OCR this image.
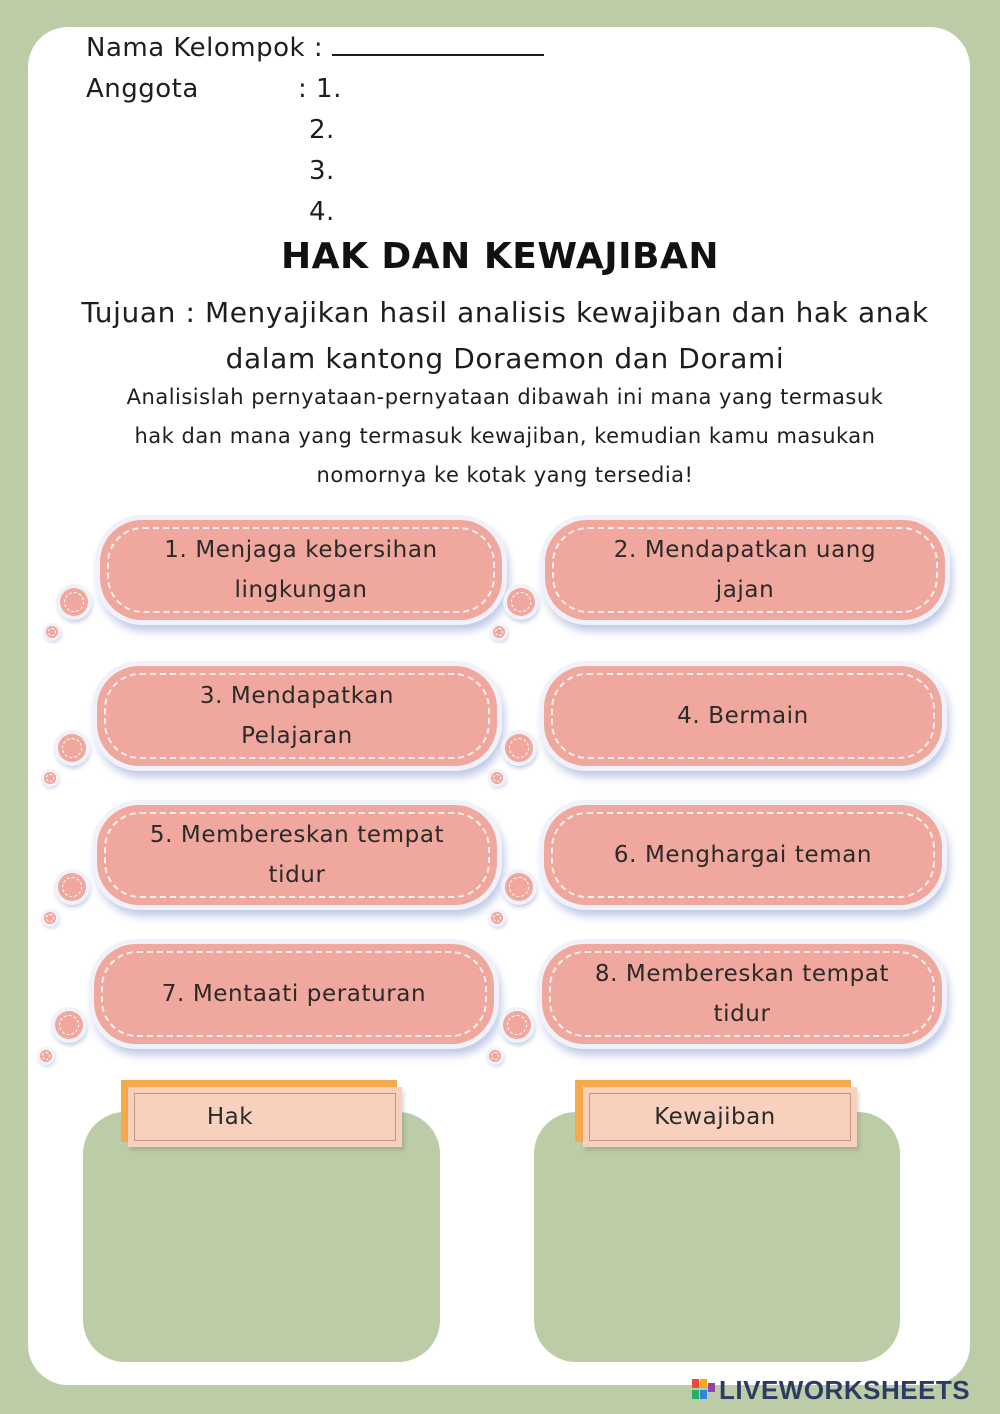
Nama Kelompok :
Anggota	: 1.
2.
3.
4.
HAK DAN KEWAJIBAN
Tujuan : Menyajikan hasil analisis kewajiban dan hak anak
dalam kantong Doraemon dan Dorami
Analisislah pernyataan-pernyataan dibawah ini mana yang termasuk
hak dan mana yang termasuk kewajiban, kemudian kamu masukan
nomornya ke kotak yang tersedia!
1. Menjaga kebersihan
lingkungan
2. Mendapatkan uang
jajan
3. Mendapatkan
Pelajaran
4. Bermain
5. Membereskan tempat
tidur
6. Menghargai teman
7. Mentaati peraturan
8. Membereskan tempat
tidur
Hak	Kewajiban
LIVEWORKSHEETS
